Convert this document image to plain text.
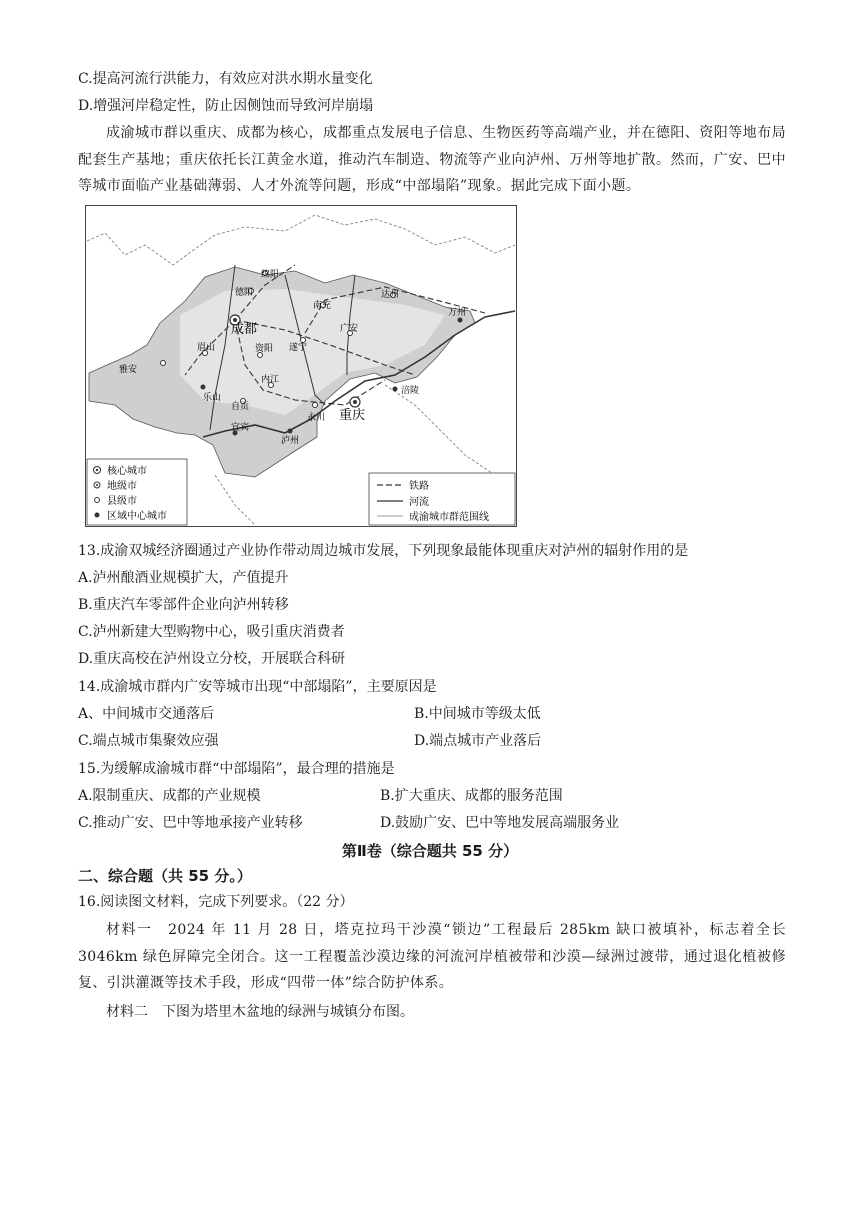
C.提高河流行洪能力，有效应对洪水期水量变化
D.增强河岸稳定性，防止因侧蚀而导致河岸崩塌
成渝城市群以重庆、成都为核心，成都重点发展电子信息、生物医药等高端产业，并在德阳、资阳等地布局配套生产基地；重庆依托长江黄金水道，推动汽车制造、物流等产业向泸州、万州等地扩散。然而，广安、巴中等城市面临产业基础薄弱、人才外流等问题，形成“中部塌陷”现象。据此完成下面小题。
成都
重庆
绵阳
德阳
南充
达州
万州
广安
遂宁
眉山	资阳
雅安
乐山
内江
自贡
永川
宜宾
泸州
涪陵
核心城市
地级市
县级市
区域中心城市
铁路
河流
成渝城市群范围线
13.成渝双城经济圈通过产业协作带动周边城市发展，下列现象最能体现重庆对泸州的辐射作用的是
A.泸州酿酒业规模扩大，产值提升
B.重庆汽车零部件企业向泸州转移
C.泸州新建大型购物中心，吸引重庆消费者
D.重庆高校在泸州设立分校，开展联合科研
14.成渝城市群内广安等城市出现“中部塌陷”，主要原因是
A、中间城市交通落后	B.中间城市等级太低
C.端点城市集聚效应强	D.端点城市产业落后
15.为缓解成渝城市群“中部塌陷”，最合理的措施是
A.限制重庆、成都的产业规模	B.扩大重庆、成都的服务范围
C.推动广安、巴中等地承接产业转移	D.鼓励广安、巴中等地发展高端服务业
第Ⅱ卷（综合题共 55 分）
二、综合题（共 55 分。）
16.阅读图文材料，完成下列要求。（22 分）
材料一　2024 年 11 月 28 日，塔克拉玛干沙漠“锁边”工程最后 285km 缺口被填补，标志着全长 3046km 绿色屏障完全闭合。这一工程覆盖沙漠边缘的河流河岸植被带和沙漠—绿洲过渡带，通过退化植被修复、引洪灌溉等技术手段，形成“四带一体”综合防护体系。
材料二　下图为塔里木盆地的绿洲与城镇分布图。
